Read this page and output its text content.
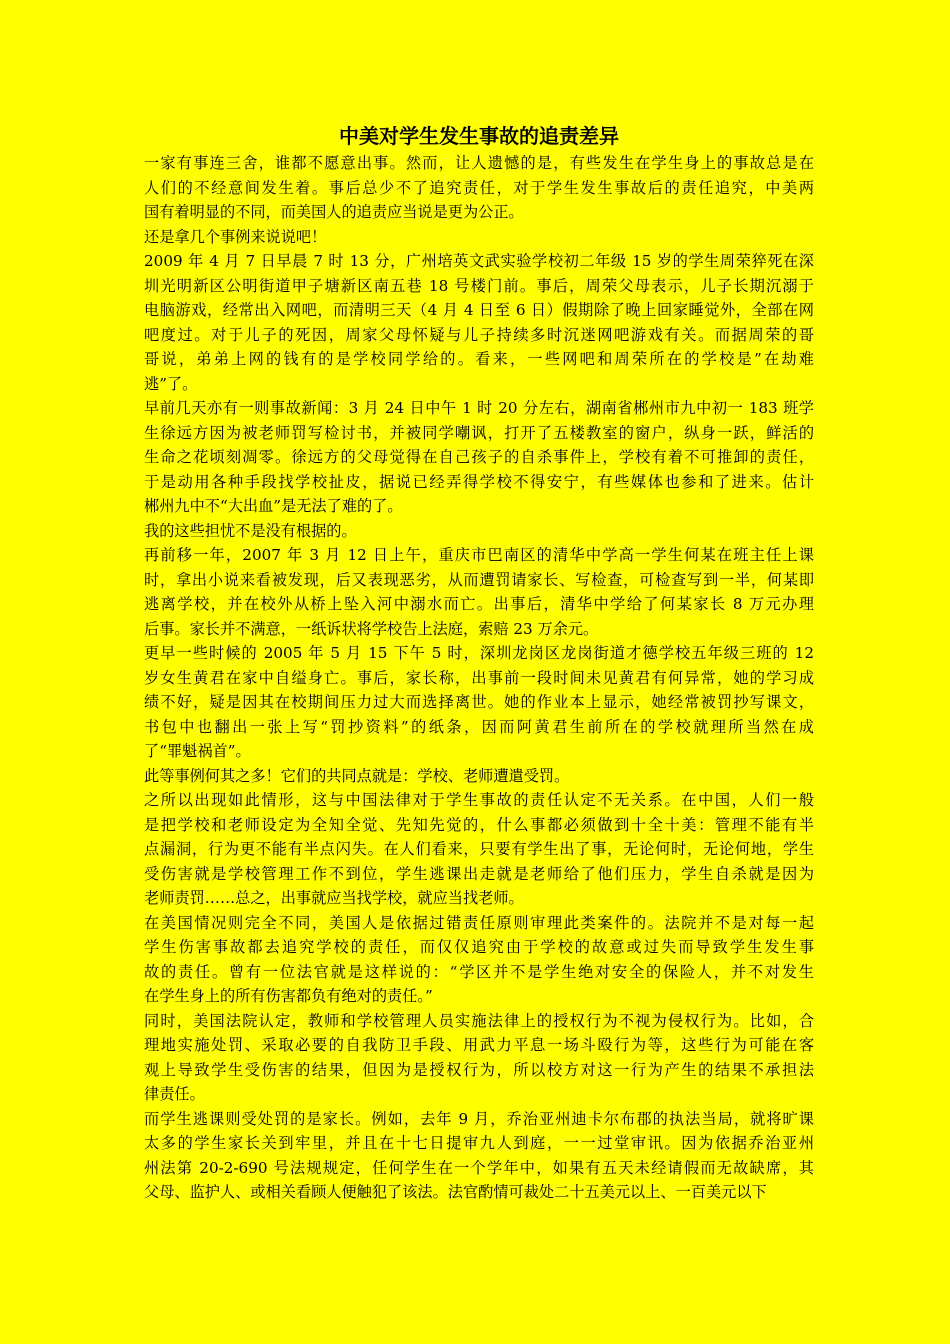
中美对学生发生事故的追责差异
一家有事连三舍，谁都不愿意出事。然而，让人遗憾的是，有些发生在学生身上的事故总是在
人们的不经意间发生着。事后总少不了追究责任，对于学生发生事故后的责任追究，中美两
国有着明显的不同，而美国人的追责应当说是更为公正。
还是拿几个事例来说说吧！
2009 年 4 月 7 日早晨 7 时 13 分，广州培英文武实验学校初二年级 15 岁的学生周荣猝死在深
圳光明新区公明街道甲子塘新区南五巷 18 号楼门前。事后，周荣父母表示，儿子长期沉溺于
电脑游戏，经常出入网吧，而清明三天（4 月 4 日至 6 日）假期除了晚上回家睡觉外，全部在网
吧度过。对于儿子的死因，周家父母怀疑与儿子持续多时沉迷网吧游戏有关。而据周荣的哥
哥说，弟弟上网的钱有的是学校同学给的。看来，一些网吧和周荣所在的学校是”在劫难
逃”了。
早前几天亦有一则事故新闻：3 月 24 日中午 1 时 20 分左右，湖南省郴州市九中初一 183 班学
生徐远方因为被老师罚写检讨书，并被同学嘲讽，打开了五楼教室的窗户，纵身一跃，鲜活的
生命之花顷刻凋零。徐远方的父母觉得在自己孩子的自杀事件上，学校有着不可推卸的责任，
于是动用各种手段找学校扯皮，据说已经弄得学校不得安宁，有些媒体也参和了进来。估计
郴州九中不“大出血”是无法了难的了。
我的这些担忧不是没有根据的。
再前移一年，2007 年 3 月 12 日上午，重庆市巴南区的清华中学高一学生何某在班主任上课
时，拿出小说来看被发现，后又表现恶劣，从而遭罚请家长、写检查，可检查写到一半，何某即
逃离学校，并在校外从桥上坠入河中溺水而亡。出事后，清华中学给了何某家长 8 万元办理
后事。家长并不满意，一纸诉状将学校告上法庭，索赔 23 万余元。
更早一些时候的 2005 年 5 月 15 下午 5 时，深圳龙岗区龙岗街道才德学校五年级三班的 12
岁女生黄君在家中自缢身亡。事后，家长称，出事前一段时间未见黄君有何异常，她的学习成
绩不好，疑是因其在校期间压力过大而选择离世。她的作业本上显示，她经常被罚抄写课文，
书包中也翻出一张上写“罚抄资料”的纸条，因而阿黄君生前所在的学校就理所当然在成
了“罪魁祸首”。
此等事例何其之多！它们的共同点就是：学校、老师遭遣受罚。
之所以出现如此情形，这与中国法律对于学生事故的责任认定不无关系。在中国，人们一般
是把学校和老师设定为全知全觉、先知先觉的，什么事都必须做到十全十美：管理不能有半
点漏洞，行为更不能有半点闪失。在人们看来，只要有学生出了事，无论何时，无论何地，学生
受伤害就是学校管理工作不到位，学生逃课出走就是老师给了他们压力，学生自杀就是因为
老师责罚……总之，出事就应当找学校，就应当找老师。
在美国情况则完全不同，美国人是依据过错责任原则审理此类案件的。法院并不是对每一起
学生伤害事故都去追究学校的责任，而仅仅追究由于学校的故意或过失而导致学生发生事
故的责任。曾有一位法官就是这样说的：“学区并不是学生绝对安全的保险人，并不对发生
在学生身上的所有伤害都负有绝对的责任。”
同时，美国法院认定，教师和学校管理人员实施法律上的授权行为不视为侵权行为。比如，合
理地实施处罚、采取必要的自我防卫手段、用武力平息一场斗殴行为等，这些行为可能在客
观上导致学生受伤害的结果，但因为是授权行为，所以校方对这一行为产生的结果不承担法
律责任。
而学生逃课则受处罚的是家长。例如，去年 9 月，乔治亚州迪卡尔布郡的执法当局，就将旷课
太多的学生家长关到牢里，并且在十七日提审九人到庭，一一过堂审讯。因为依据乔治亚州
州法第 20-2-690 号法规规定，任何学生在一个学年中，如果有五天未经请假而无故缺席，其
父母、监护人、或相关看顾人便触犯了该法。法官酌情可裁处二十五美元以上、一百美元以下
